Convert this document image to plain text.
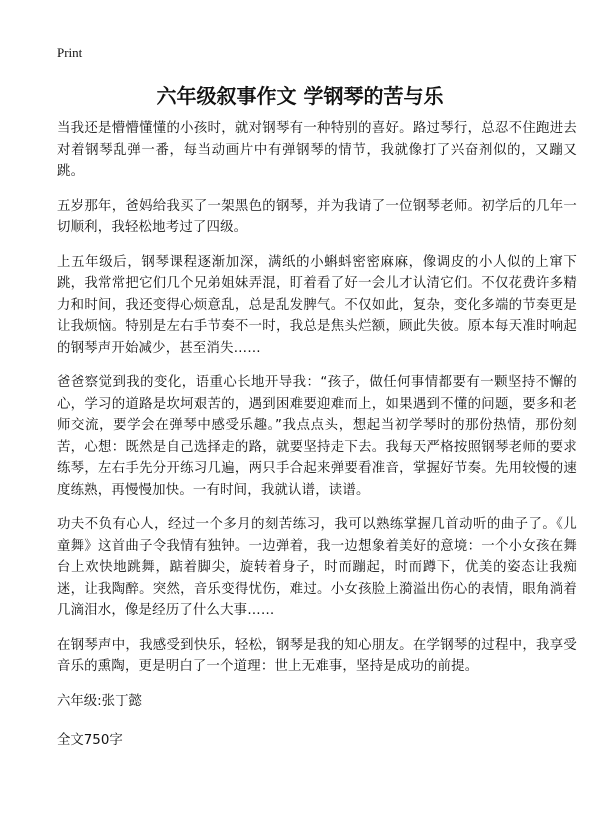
Print
六年级叙事作文 学钢琴的苦与乐

当我还是懵懵懂懂的小孩时，就对钢琴有一种特别的喜好。路过琴行，总忍不住跑进去对着钢琴乱弹一番，每当动画片中有弹钢琴的情节，我就像打了兴奋剂似的，又蹦又跳。

五岁那年，爸妈给我买了一架黑色的钢琴，并为我请了一位钢琴老师。初学后的几年一切顺利，我轻松地考过了四级。

上五年级后，钢琴课程逐渐加深，满纸的小蝌蚪密密麻麻，像调皮的小人似的上窜下跳，我常常把它们几个兄弟姐妹弄混，盯着看了好一会儿才认清它们。不仅花费许多精力和时间，我还变得心烦意乱，总是乱发脾气。不仅如此，复杂，变化多端的节奏更是让我烦恼。特别是左右手节奏不一时，我总是焦头烂额，顾此失彼。原本每天准时响起的钢琴声开始减少，甚至消失……

爸爸察觉到我的变化，语重心长地开导我：“孩子，做任何事情都要有一颗坚持不懈的心，学习的道路是坎坷艰苦的，遇到困难要迎难而上，如果遇到不懂的问题，要多和老师交流，要学会在弹琴中感受乐趣。”我点点头，想起当初学琴时的那份热情，那份刻苦，心想：既然是自己选择走的路，就要坚持走下去。我每天严格按照钢琴老师的要求练琴，左右手先分开练习几遍，两只手合起来弹要看准音，掌握好节奏。先用较慢的速度练熟，再慢慢加快。一有时间，我就认谱，读谱。

功夫不负有心人，经过一个多月的刻苦练习，我可以熟练掌握几首动听的曲子了。《儿童舞》这首曲子令我情有独钟。一边弹着，我一边想象着美好的意境：一个小女孩在舞台上欢快地跳舞，踮着脚尖，旋转着身子，时而蹦起，时而蹲下，优美的姿态让我痴迷，让我陶醉。突然，音乐变得忧伤，难过。小女孩脸上漪溢出伤心的表情，眼角淌着几滴泪水，像是经历了什么大事……

在钢琴声中，我感受到快乐，轻松，钢琴是我的知心朋友。在学钢琴的过程中，我享受音乐的熏陶，更是明白了一个道理：世上无难事，坚持是成功的前提。

六年级:张丁懿
全文750字
